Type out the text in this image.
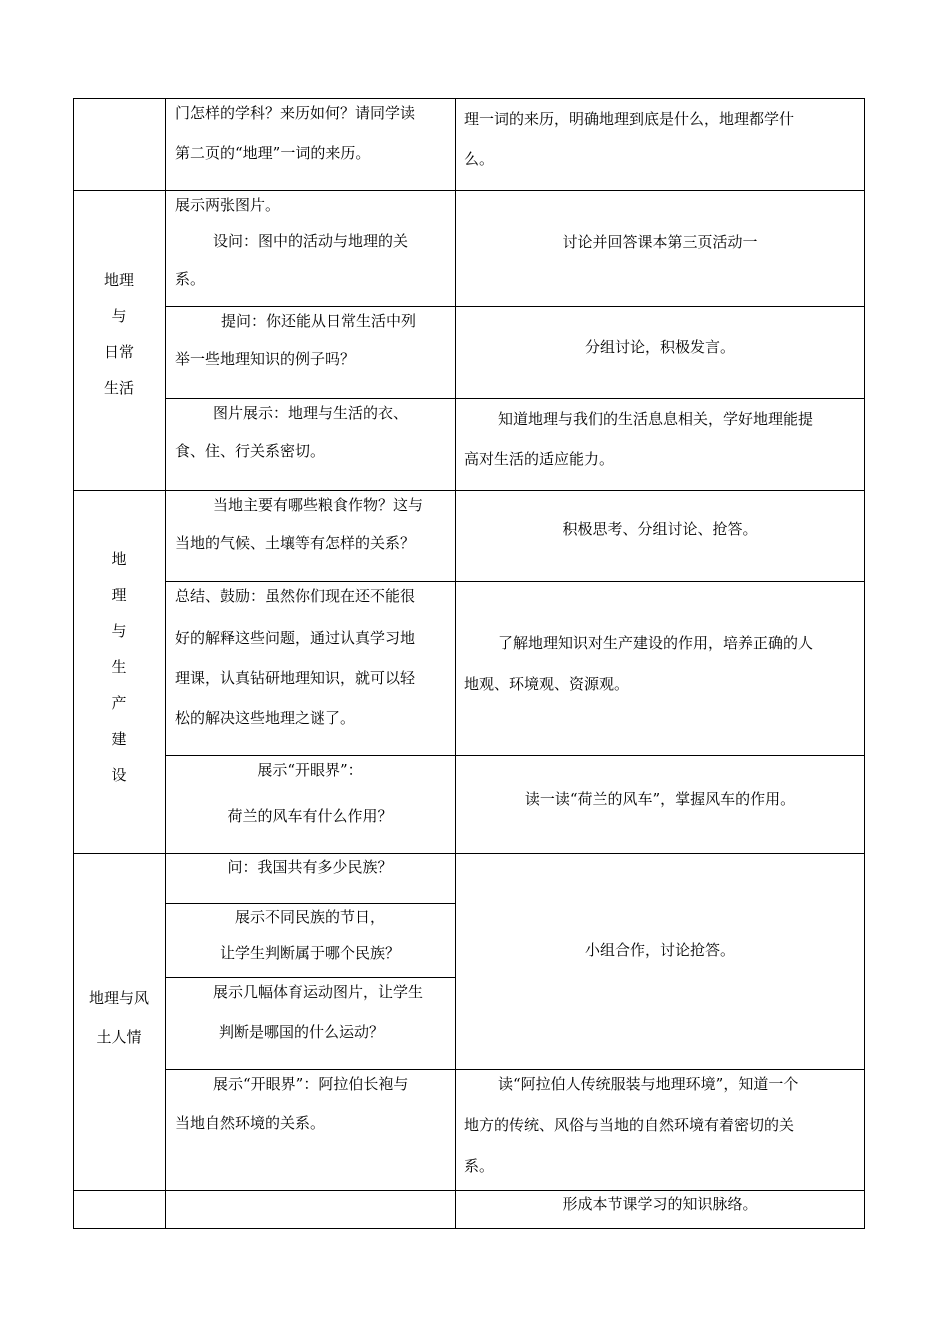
门怎样的学科？来历如何？请同学读
第二页的“地理”一词的来历。
理一词的来历，明确地理到底是什么，地理都学什
么。
地理
与
日常
生活
展示两张图片。
设问：图中的活动与地理的关
系。
讨论并回答课本第三页活动一
提问：你还能从日常生活中列
举一些地理知识的例子吗？
分组讨论，积极发言。
图片展示：地理与生活的衣、
食、住、行关系密切。
知道地理与我们的生活息息相关，学好地理能提
高对生活的适应能力。
地
理
与
生
产
建
设
当地主要有哪些粮食作物？这与
当地的气候、土壤等有怎样的关系？
积极思考、分组讨论、抢答。
总结、鼓励：虽然你们现在还不能很
好的解释这些问题，通过认真学习地
理课，认真钻研地理知识，就可以轻
松的解决这些地理之谜了。
了解地理知识对生产建设的作用，培养正确的人
地观、环境观、资源观。
展示“开眼界”：
荷兰的风车有什么作用？
读一读“荷兰的风车”，掌握风车的作用。
地理与风
土人情
问：我国共有多少民族？
展示不同民族的节日，
让学生判断属于哪个民族？
展示几幅体育运动图片，让学生
判断是哪国的什么运动？
小组合作，讨论抢答。
展示“开眼界”：阿拉伯长袍与
当地自然环境的关系。
读“阿拉伯人传统服装与地理环境”，知道一个
地方的传统、风俗与当地的自然环境有着密切的关
系。
形成本节课学习的知识脉络。
